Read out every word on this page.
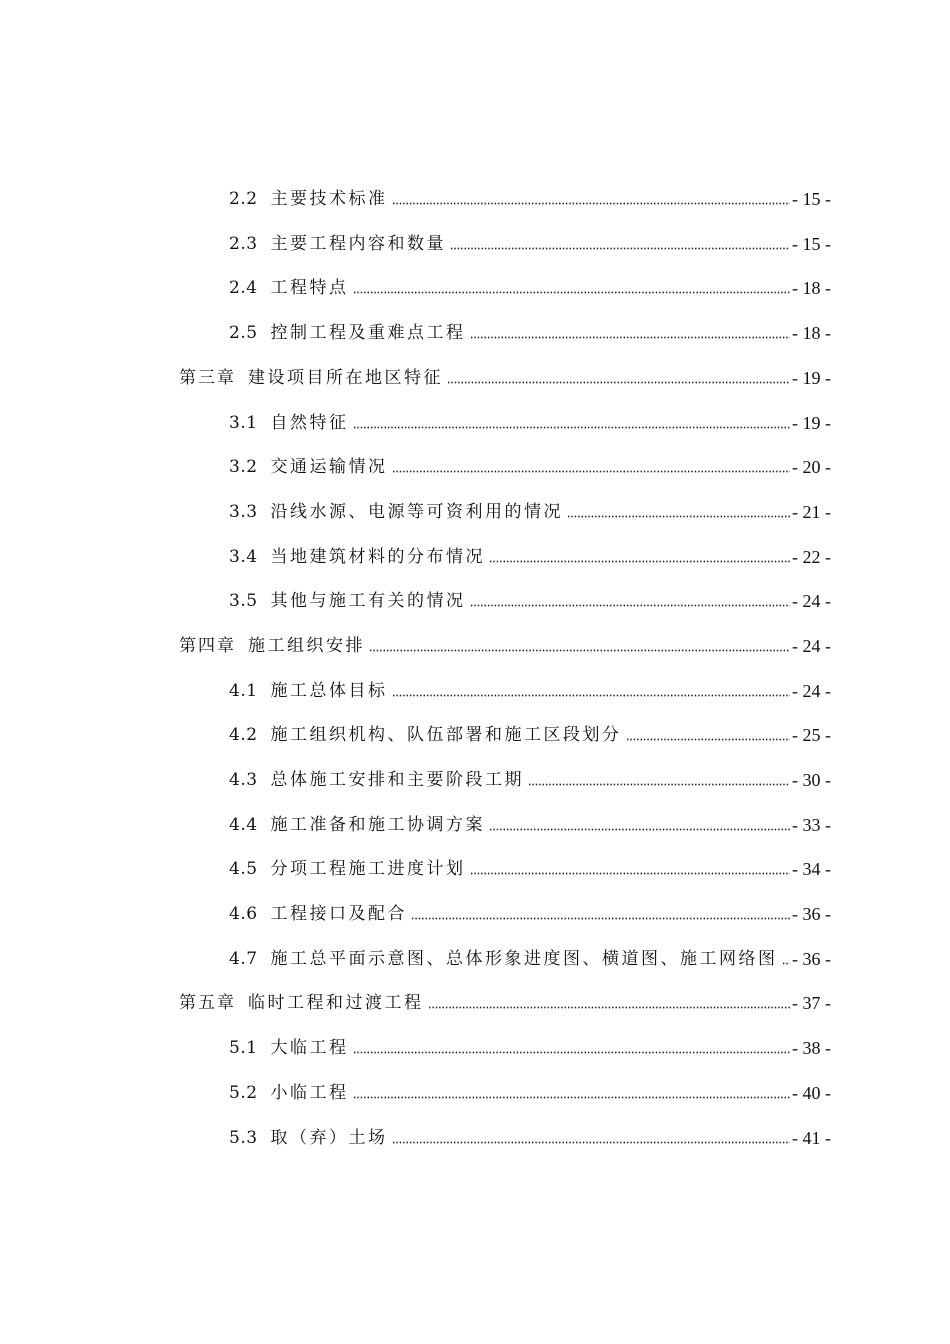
2.2 主要技术标准	- 15 -
2.3 主要工程内容和数量	- 15 -
2.4 工程特点	- 18 -
2.5 控制工程及重难点工程	- 18 -
第三章 建设项目所在地区特征	- 19 -
3.1 自然特征	- 19 -
3.2 交通运输情况	- 20 -
3.3 沿线水源、电源等可资利用的情况	- 21 -
3.4 当地建筑材料的分布情况	- 22 -
3.5 其他与施工有关的情况	- 24 -
第四章 施工组织安排	- 24 -
4.1 施工总体目标	- 24 -
4.2 施工组织机构、队伍部署和施工区段划分	- 25 -
4.3 总体施工安排和主要阶段工期	- 30 -
4.4 施工准备和施工协调方案	- 33 -
4.5 分项工程施工进度计划	- 34 -
4.6 工程接口及配合	- 36 -
4.7 施工总平面示意图、总体形象进度图、横道图、施工网络图 - 36 -
第五章 临时工程和过渡工程	- 37 -
5.1 大临工程	- 38 -
5.2 小临工程	- 40 -
5.3 取（弃）土场	- 41 -
